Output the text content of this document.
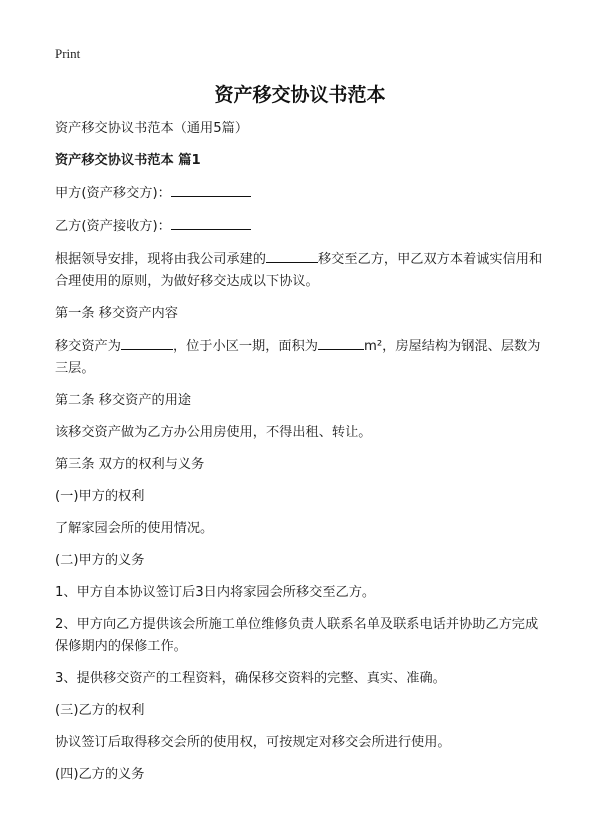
Print
资产移交协议书范本

资产移交协议书范本（通用5篇）

资产移交协议书范本 篇1

甲方(资产移交方)：

乙方(资产接收方)：

根据领导安排，现将由我公司承建的	移交至乙方，甲乙双方本着诚实信用和合理使用的原则，为做好移交达成以下协议。

第一条 移交资产内容

移交资产为	，位于小区一期，面积为	m²，房屋结构为钢混、层数为三层。

第二条 移交资产的用途

该移交资产做为乙方办公用房使用，不得出租、转让。

第三条 双方的权利与义务

(一)甲方的权利

了解家园会所的使用情况。

(二)甲方的义务

1、甲方自本协议签订后3日内将家园会所移交至乙方。

2、甲方向乙方提供该会所施工单位维修负责人联系名单及联系电话并协助乙方完成保修期内的保修工作。

3、提供移交资产的工程资料，确保移交资料的完整、真实、准确。

(三)乙方的权利

协议签订后取得移交会所的使用权，可按规定对移交会所进行使用。

(四)乙方的义务
